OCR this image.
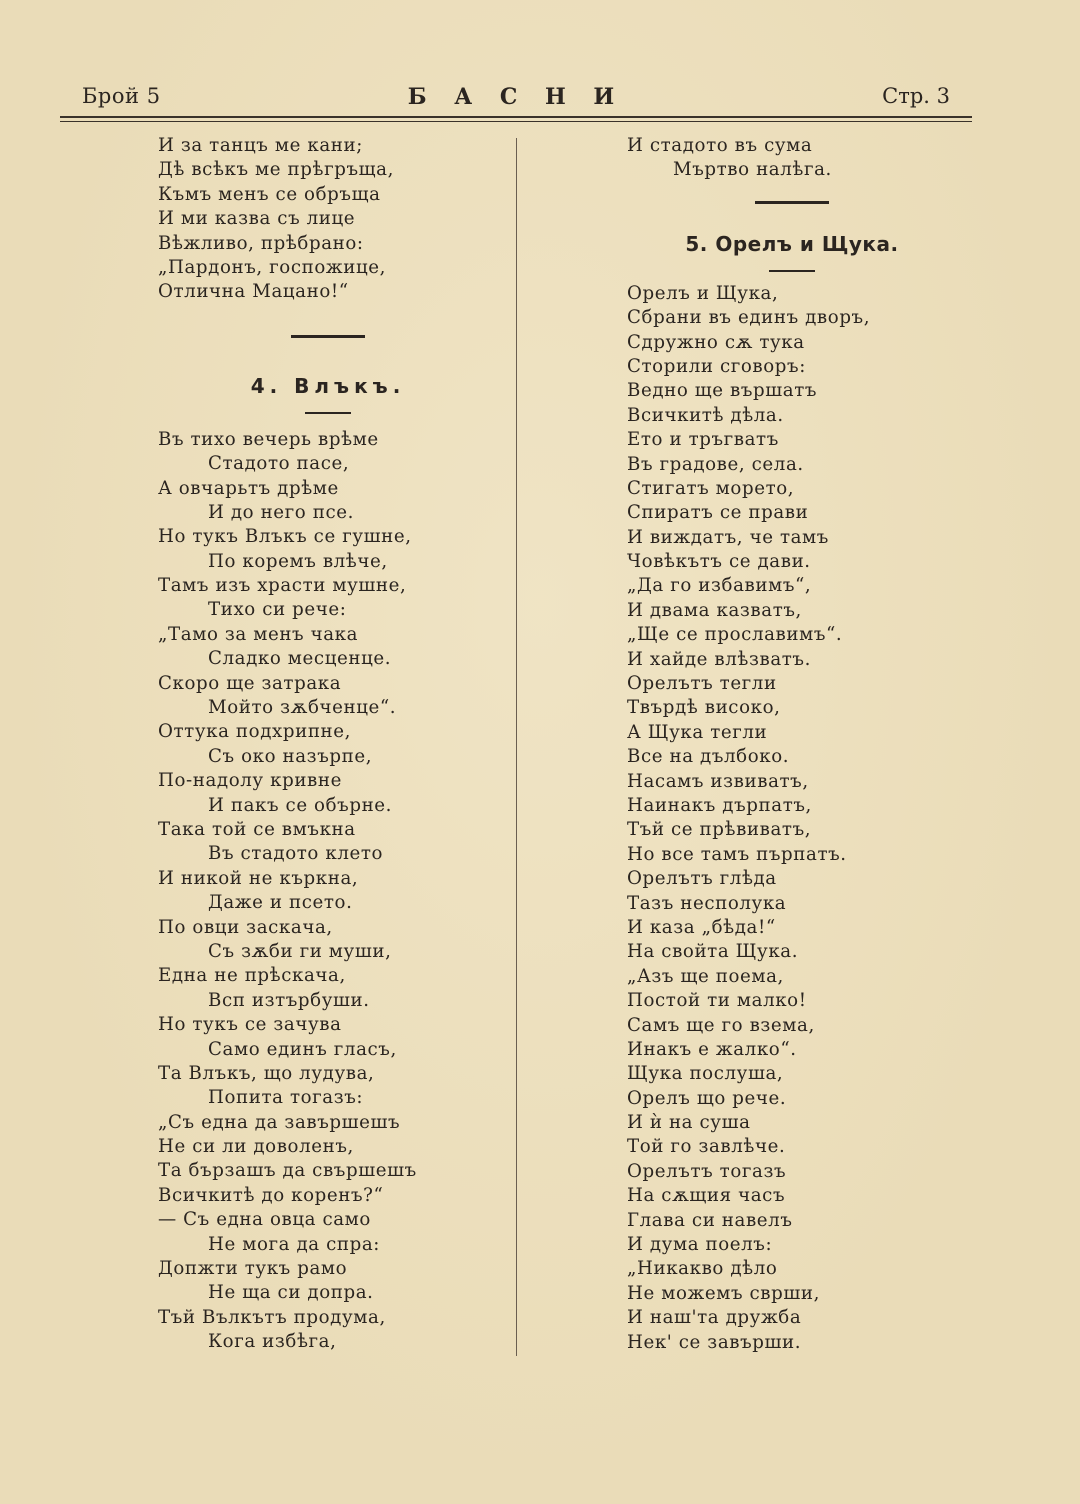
Брой 5	Б А С Н И	Стр. 3
И за танцъ ме кани;
Дѣ всѣкъ ме прѣгръща,
Къмъ менъ се обръща
И ми казва съ лице
Вѣжливо, прѣбрано:
„Пардонъ, госпожице,
Отлична Мацано!“
4. Влъкъ.
Въ тихо вечерь врѣме
Стадото пасе,
А овчарьтъ дрѣме
И до него псе.
Но тукъ Влъкъ се гушне,
По коремъ влѣче,
Тамъ изъ храсти мушне,
Тихо си рече:
„Тамо за менъ чака
Сладко месценце.
Скоро ще затрака
Мойто зѫбченце“.
Оттука подхрипне,
Съ око назърпе,
По-надолу кривне
И пакъ се обърне.
Така той се вмъкна
Въ стадото клето
И никой не къркна,
Даже и псето.
По овци заскача,
Съ зѫби ги муши,
Една не прѣскача,
Всп изтърбуши.
Но тукъ се зачува
Само единъ гласъ,
Та Влъкъ, що лудува,
Попита тогазъ:
„Съ една да завършешъ
Не си ли доволенъ,
Та бързашъ да свършешъ
Всичкитѣ до коренъ?“
— Съ една овца само
Не мога да спра:
Допжти тукъ рамо
Не ща си допра.
Тъй Вълкътъ продума,
Кога избѣга,
И стадото въ сума
Мъртво налѣга.
5. Орелъ и Щука.
Орелъ и Щука,
Сбрани въ единъ дворъ,
Сдружно сѫ тука
Сторили сговоръ:
Ведно ще вършатъ
Всичкитѣ дѣла.
Ето и тръгватъ
Въ градове, села.
Стигатъ морето,
Спиратъ се прави
И виждатъ, че тамъ
Човѣкътъ се дави.
„Да го избавимъ“,
И двама казватъ,
„Ще се прославимъ“.
И хайде влѣзватъ.
Орелътъ тегли
Твърдѣ високо,
А Щука тегли
Все на дълбоко.
Насамъ извиватъ,
Наинакъ дърпатъ,
Тъй се прѣвиватъ,
Но все тамъ пърпатъ.
Орелътъ глѣда
Тазъ несполука
И каза „бѣда!“
На свойта Щука.
„Азъ ще поема,
Постой ти малко!
Самъ ще го взема,
Инакъ е жалко“.
Щука послуша,
Орелъ що рече.
И ѝ на суша
Той го завлѣче.
Орелътъ тогазъ
На сѫщия часъ
Глава си навелъ
И дума поелъ:
„Никакво дѣло
Не можемъ сврши,
И наш'та дружба
Нек' се завърши.
